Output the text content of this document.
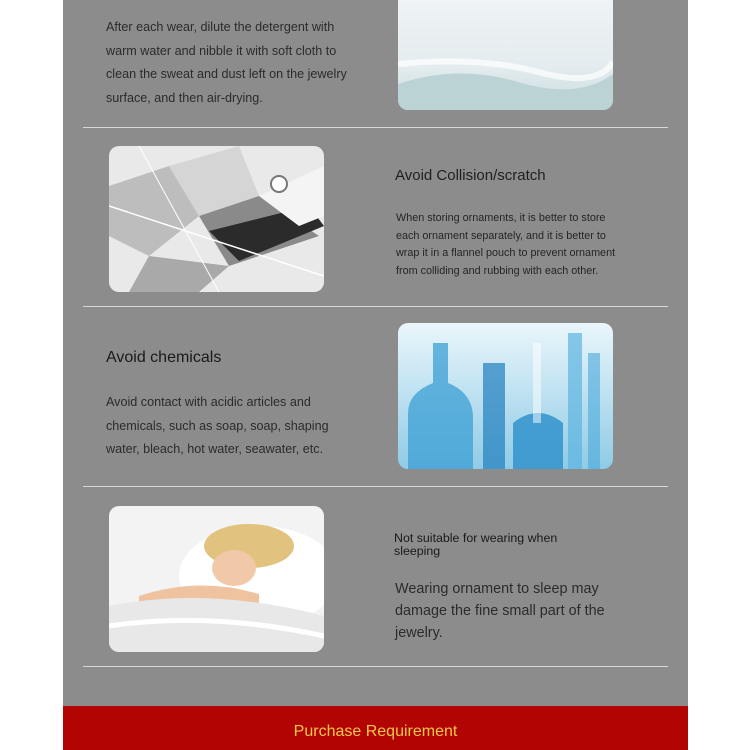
After each wear, dilute the detergent with warm water and nibble it with soft cloth to clean the sweat and dust left on the jewelry surface, and then air-drying.
Avoid Collision/scratch
When storing ornaments, it is better to store each ornament separately, and it is better to wrap it in a flannel pouch to prevent ornament from colliding and rubbing with each other.
Avoid chemicals
Avoid contact with acidic articles and chemicals, such as soap, soap, shaping water, bleach, hot water, seawater, etc.
Not suitable for wearing when sleeping
Wearing ornament to sleep may damage the fine small part of the jewelry.
Purchase Requirement
